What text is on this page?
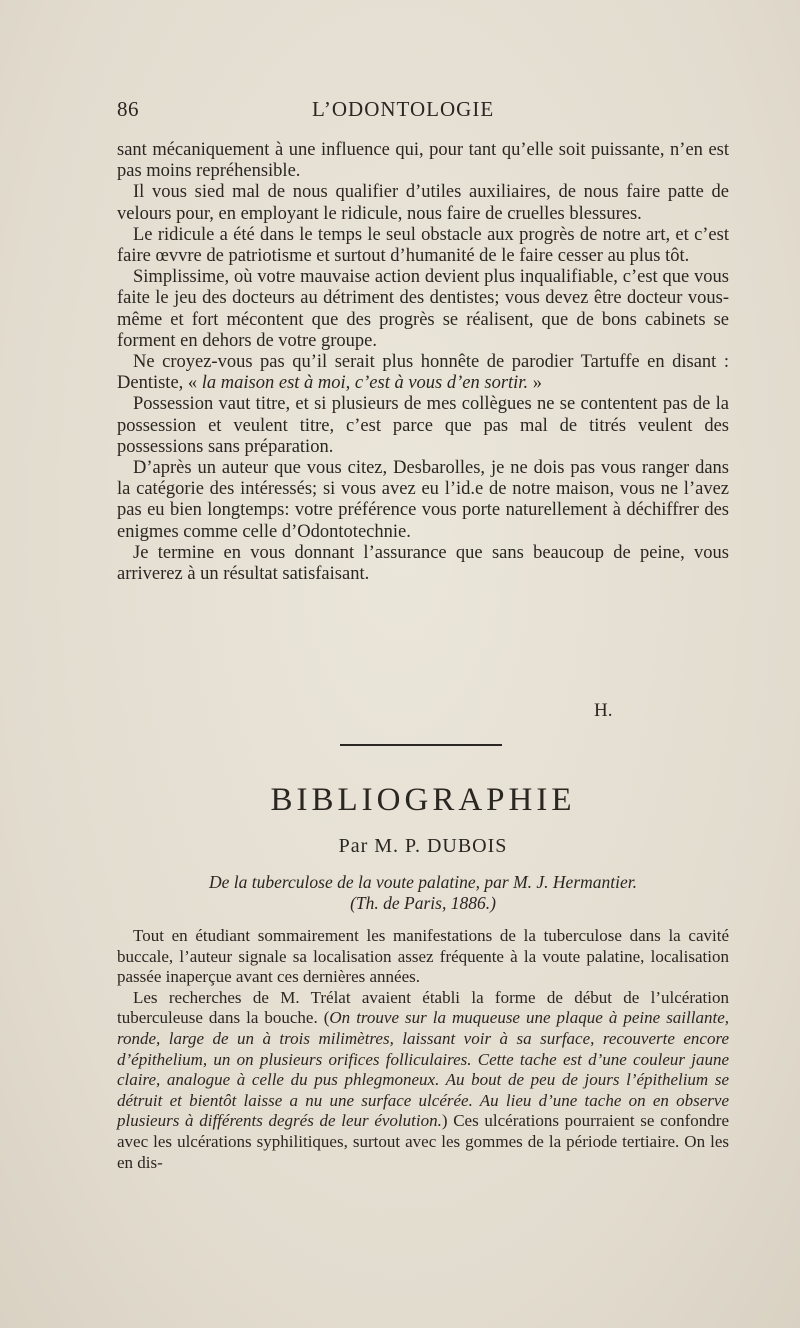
86	L’ODONTOLOGIE

sant mécaniquement à une influence qui, pour tant qu’elle soit puissante, n’en est pas moins repréhensible.

Il vous sied mal de nous qualifier d’utiles auxiliaires, de nous faire patte de velours pour, en employant le ridicule, nous faire de cruelles blessures.

Le ridicule a été dans le temps le seul obstacle aux progrès de notre art, et c’est faire œvvre de patriotisme et surtout d’humanité de le faire cesser au plus tôt.

Simplissime, où votre mauvaise action devient plus inqualifiable, c’est que vous faite le jeu des docteurs au détriment des dentistes; vous devez être docteur vous-même et fort mécontent que des progrès se réalisent, que de bons cabinets se forment en dehors de votre groupe.

Ne croyez-vous pas qu’il serait plus honnête de parodier Tartuffe en disant : Dentiste, « la maison est à moi, c’est à vous d’en sortir. »

Possession vaut titre, et si plusieurs de mes collègues ne se contentent pas de la possession et veulent titre, c’est parce que pas mal de titrés veulent des possessions sans préparation.

D’après un auteur que vous citez, Desbarolles, je ne dois pas vous ranger dans la catégorie des intéressés; si vous avez eu l’id.e de notre maison, vous ne l’avez pas eu bien longtemps: votre préférence vous porte naturellement à déchiffrer des enigmes comme celle d’Odontotechnie.

Je termine en vous donnant l’assurance que sans beaucoup de peine, vous arriverez à un résultat satisfaisant.

H.
BIBLIOGRAPHIE
Par M. P. DUBOIS
De la tuberculose de la voute palatine, par M. J. Hermantier.
(Th. de Paris, 1886.)

Tout en étudiant sommairement les manifestations de la tuberculose dans la cavité buccale, l’auteur signale sa localisation assez fréquente à la voute palatine, localisation passée inaperçue avant ces dernières années.

Les recherches de M. Trélat avaient établi la forme de début de l’ulcération tuberculeuse dans la bouche. (On trouve sur la muqueuse une plaque à peine saillante, ronde, large de un à trois milimètres, laissant voir à sa surface, recouverte encore d’épithelium, un on plusieurs orifices folliculaires. Cette tache est d’une couleur jaune claire, analogue à celle du pus phlegmoneux. Au bout de peu de jours l’épithelium se détruit et bientôt laisse a nu une surface ulcérée. Au lieu d’une tache on en observe plusieurs à différents degrés de leur évolution.) Ces ulcérations pourraient se confondre avec les ulcérations syphilitiques, surtout avec les gommes de la période tertiaire. On les en dis-
